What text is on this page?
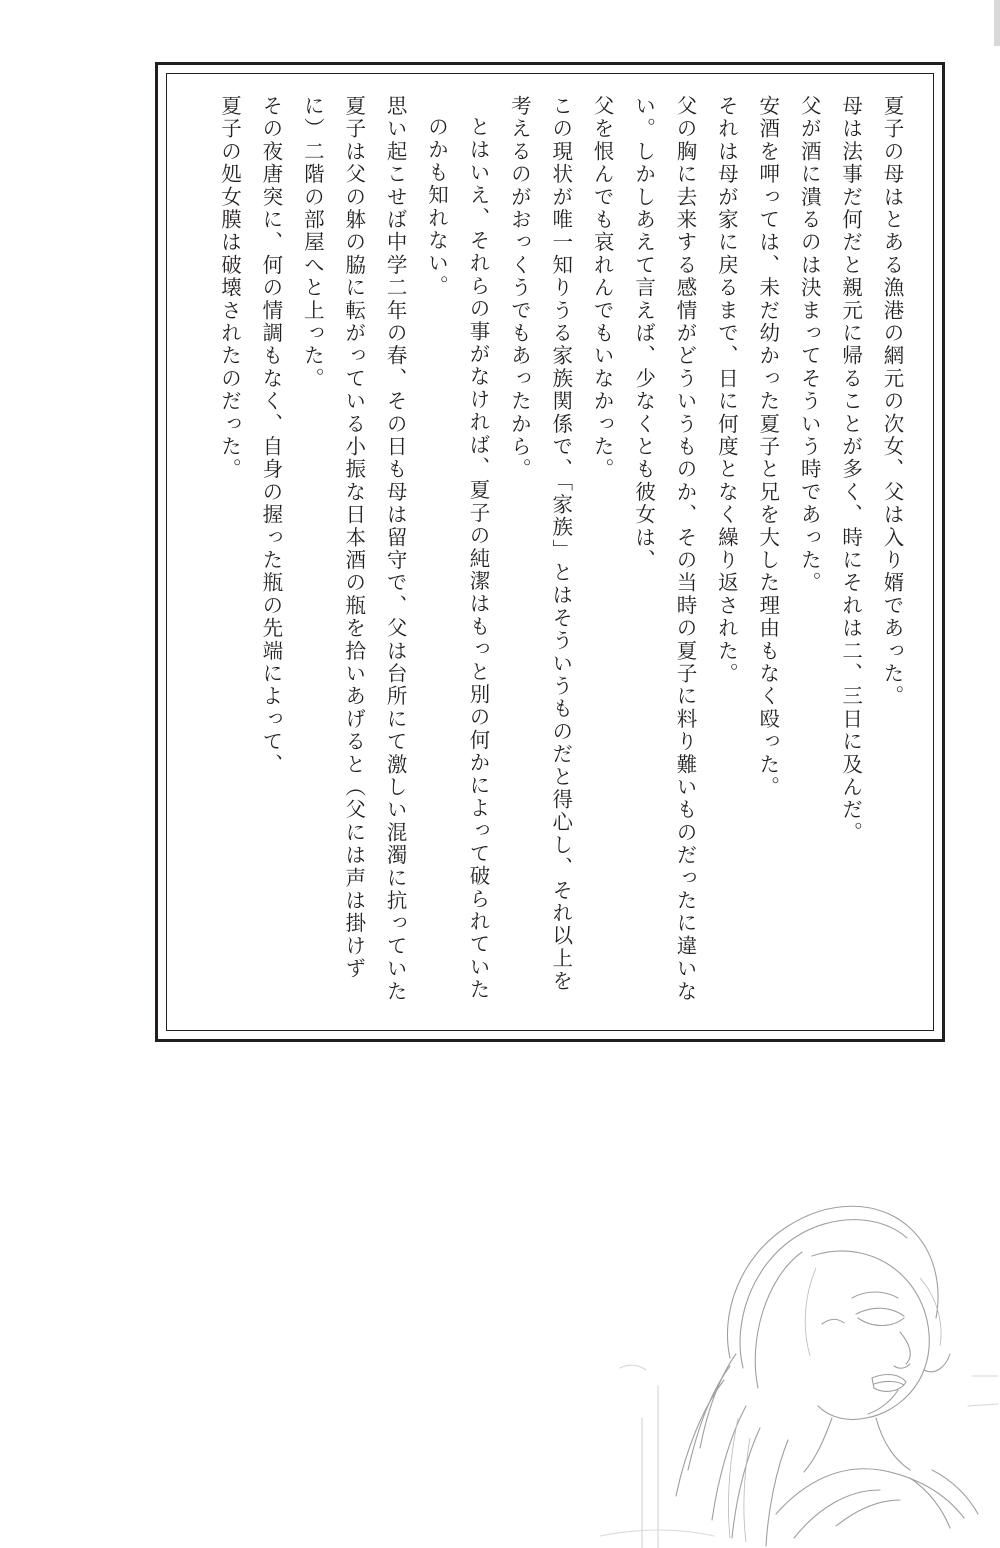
夏子の母はとある漁港の網元の次女、父は入り婿であった。

母は法事だ何だと親元に帰ることが多く、時にそれは二、三日に及んだ。

父が酒に潰るのは決まってそういう時であった。

安酒を呷っては、未だ幼かった夏子と兄を大した理由もなく殴った。

それは母が家に戻るまで、日に何度となく繰り返された。

父の胸に去来する感情がどういうものか、その当時の夏子に料り難いものだったに違いない。しかしあえて言えば、少なくとも彼女は、

父を恨んでも哀れんでもいなかった。

この現状が唯一知りうる家族関係で、「家族」とはそういうものだと得心し、それ以上を考えるのがおっくうでもあったから。

とはいえ、それらの事がなければ、夏子の純潔はもっと別の何かによって破られていたのかも知れない。

思い起こせば中学二年の春、その日も母は留守で、父は台所にて激しい混濁に抗っていた

夏子は父の躰の脇に転がっている小振な日本酒の瓶を拾いあげると（父には声は掛けずに）二階の部屋へと上った。

その夜唐突に、何の情調もなく、自身の握った瓶の先端によって、

夏子の処女膜は破壊されたのだった。
